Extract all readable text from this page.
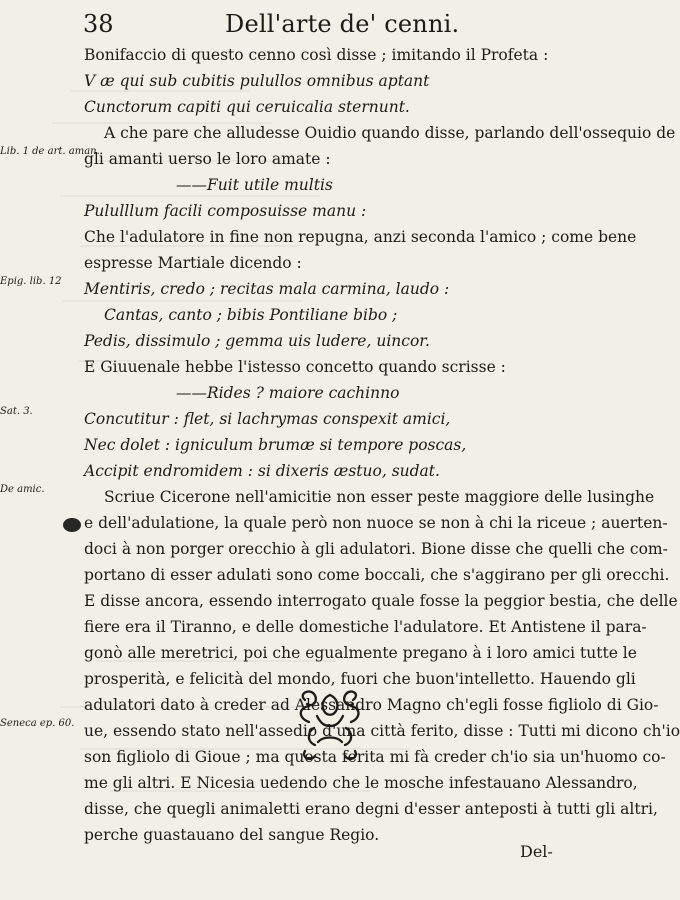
38	Dell'arte de' cenni.
Bonifaccio di questo cenno così disse ; imitando il Profeta :
V æ qui sub cubitis pulullos omnibus aptant
Cunctorum capiti qui ceruicalia sternunt.
A che pare che alludesse Ouidio quando disse, parlando dell'ossequio de
gli amanti uerso le loro amate :
Lib. 1 de art. aman.
——Fuit utile multis
Pululllum facili composuisse manu :
Che l'adulatore in fine non repugna, anzi seconda l'amico ; come bene
espresse Martiale dicendo :
Mentiris, credo ; recitas mala carmina, laudo :
Epig. lib. 12
Cantas, canto ; bibis Pontiliane bibo ;
Pedis, dissimulo ; gemma uis ludere, uincor.
E Giuuenale hebbe l'istesso concetto quando scrisse :
——Rides ? maiore cachinno
Concutitur : flet, si lachrymas conspexit amici,
Sat. 3.
Nec dolet : igniculum brumæ si tempore poscas,
Accipit endromidem : si dixeris æstuo, sudat.
Scriue Cicerone nell'amicitie non esser peste maggiore delle lusinghe
De amic.
e dell'adulatione, la quale però non nuoce se non à chi la riceue ; auerten-
doci à non porger orecchio à gli adulatori. Bione disse che quelli che com-
portano di esser adulati sono come boccali, che s'aggirano per gli orecchi.
E disse ancora, essendo interrogato quale fosse la peggior bestia, che delle
fiere era il Tiranno, e delle domestiche l'adulatore. Et Antistene il para-
gonò alle meretrici, poi che egualmente pregano à i loro amici tutte le
prosperità, e felicità del mondo, fuori che buon'intelletto. Hauendo gli
adulatori dato à creder ad Alessandro Magno ch'egli fosse figliolo di Gio-
ue, essendo stato nell'assedio d'una città ferito, disse : Tutti mi dicono ch'io
Seneca ep. 60.
son figliolo di Gioue ; ma questa ferita mi fà creder ch'io sia un'huomo co-
me gli altri. E Nicesia uedendo che le mosche infestauano Alessandro,
disse, che quegli animaletti erano degni d'esser anteposti à tutti gli altri,
perche guastauano del sangue Regio.
Del-
